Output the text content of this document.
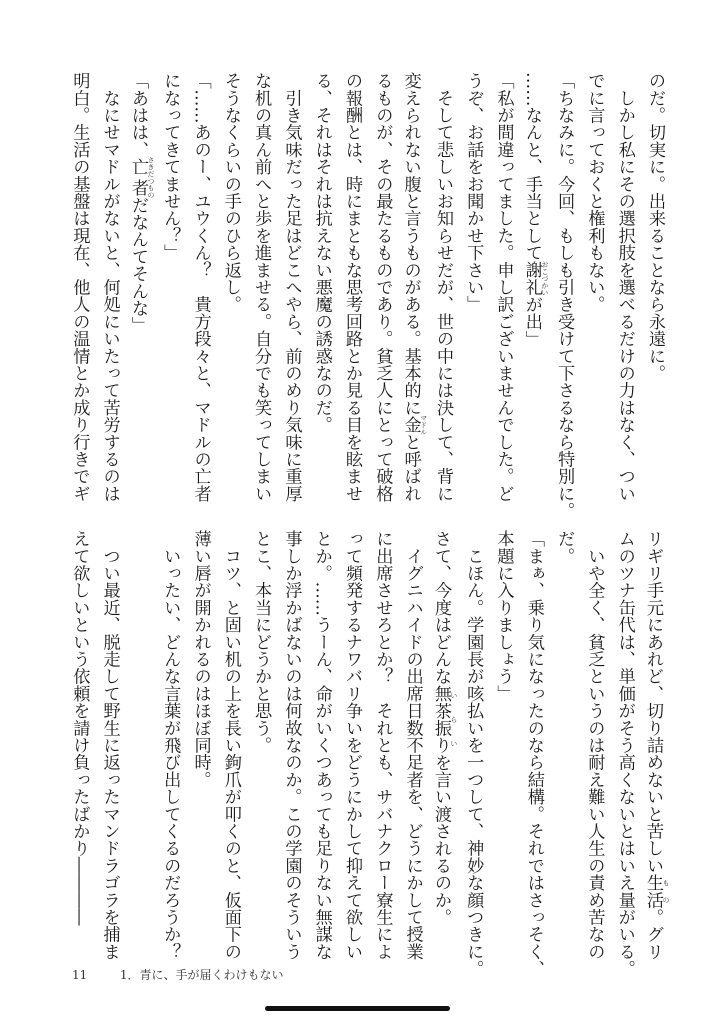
のだ。切実に。出来ることなら永遠に。

　しかし私にその選択肢を選べるだけの力はなく、つい

でに言っておくと権利もない。

「ちなみに。今回、もしも引き受けて下さるなら特別に。

……なんと、手当として謝礼 おこづかいが出」

「私が間違ってました。申し訳ございませんでした。ど

うぞ、お話をお聞かせ下さい」

　そして悲しいお知らせだが、世の中には決して、背に

変えられない腹と言うものがある。基本的に金 マドルと呼ばれ

るものが、その最たるものであり。貧乏人にとって破格

の報酬とは、時にまともな思考回路とか見る目を眩ませ

る、それはそれは抗えない悪魔の誘惑なのだ。

　引き気味だった足はどこへやら、前のめり気味に重厚

な机の真ん前へと歩を進ませる。自分でも笑ってしまい

そうなくらいの手のひら返し。

「……あのー、ユウくん？　貴方段々と、マドルの亡者

になってきてません？」

「あはは、亡者 さきだつものだなんてそんな」

　なにせマドルがないと、何処にいたって苦労するのは

明白。生活の基盤は現在、他人の温情とか成り行きでギ

リギリ手元にあれど、切り詰めないと苦しい生活 もの。グリ

ムのツナ缶代は、単価がそう高くないとはいえ量がいる。

　いや全く、貧乏というのは耐え難い人生の責め苦なの

だ。

「まぁ、乗り気になったのなら結構。それではさっそく、

本題に入りましょう」

　こほん。学園長が咳払いを一つして、神妙な顔つきに。

さて、今度はどんな無茶振り いらいを言い渡されるのか。

　イグニハイドの出席日数不足者を、どうにかして授業

に出席させろとか？　それとも、サバナクロー寮生によ

って頻発するナワバリ争いをどうにかして抑えて欲しい

とか。……うーん、命がいくつあっても足りない無謀な

事しか浮かばないのは何故なのか。この学園のそういう

とこ、本当にどうかと思う。

　コツ、と固い机の上を長い鉤爪が叩くのと、仮面下の

薄い唇が開かれるのはほぼ同時。

　いったい、どんな言葉が飛び出してくるのだろうか？

　つい最近、脱走して野生に返ったマンドラゴラを捕ま

えて欲しいという依頼を請け負ったばかり――――

11	1．青に、手が届くわけもない
